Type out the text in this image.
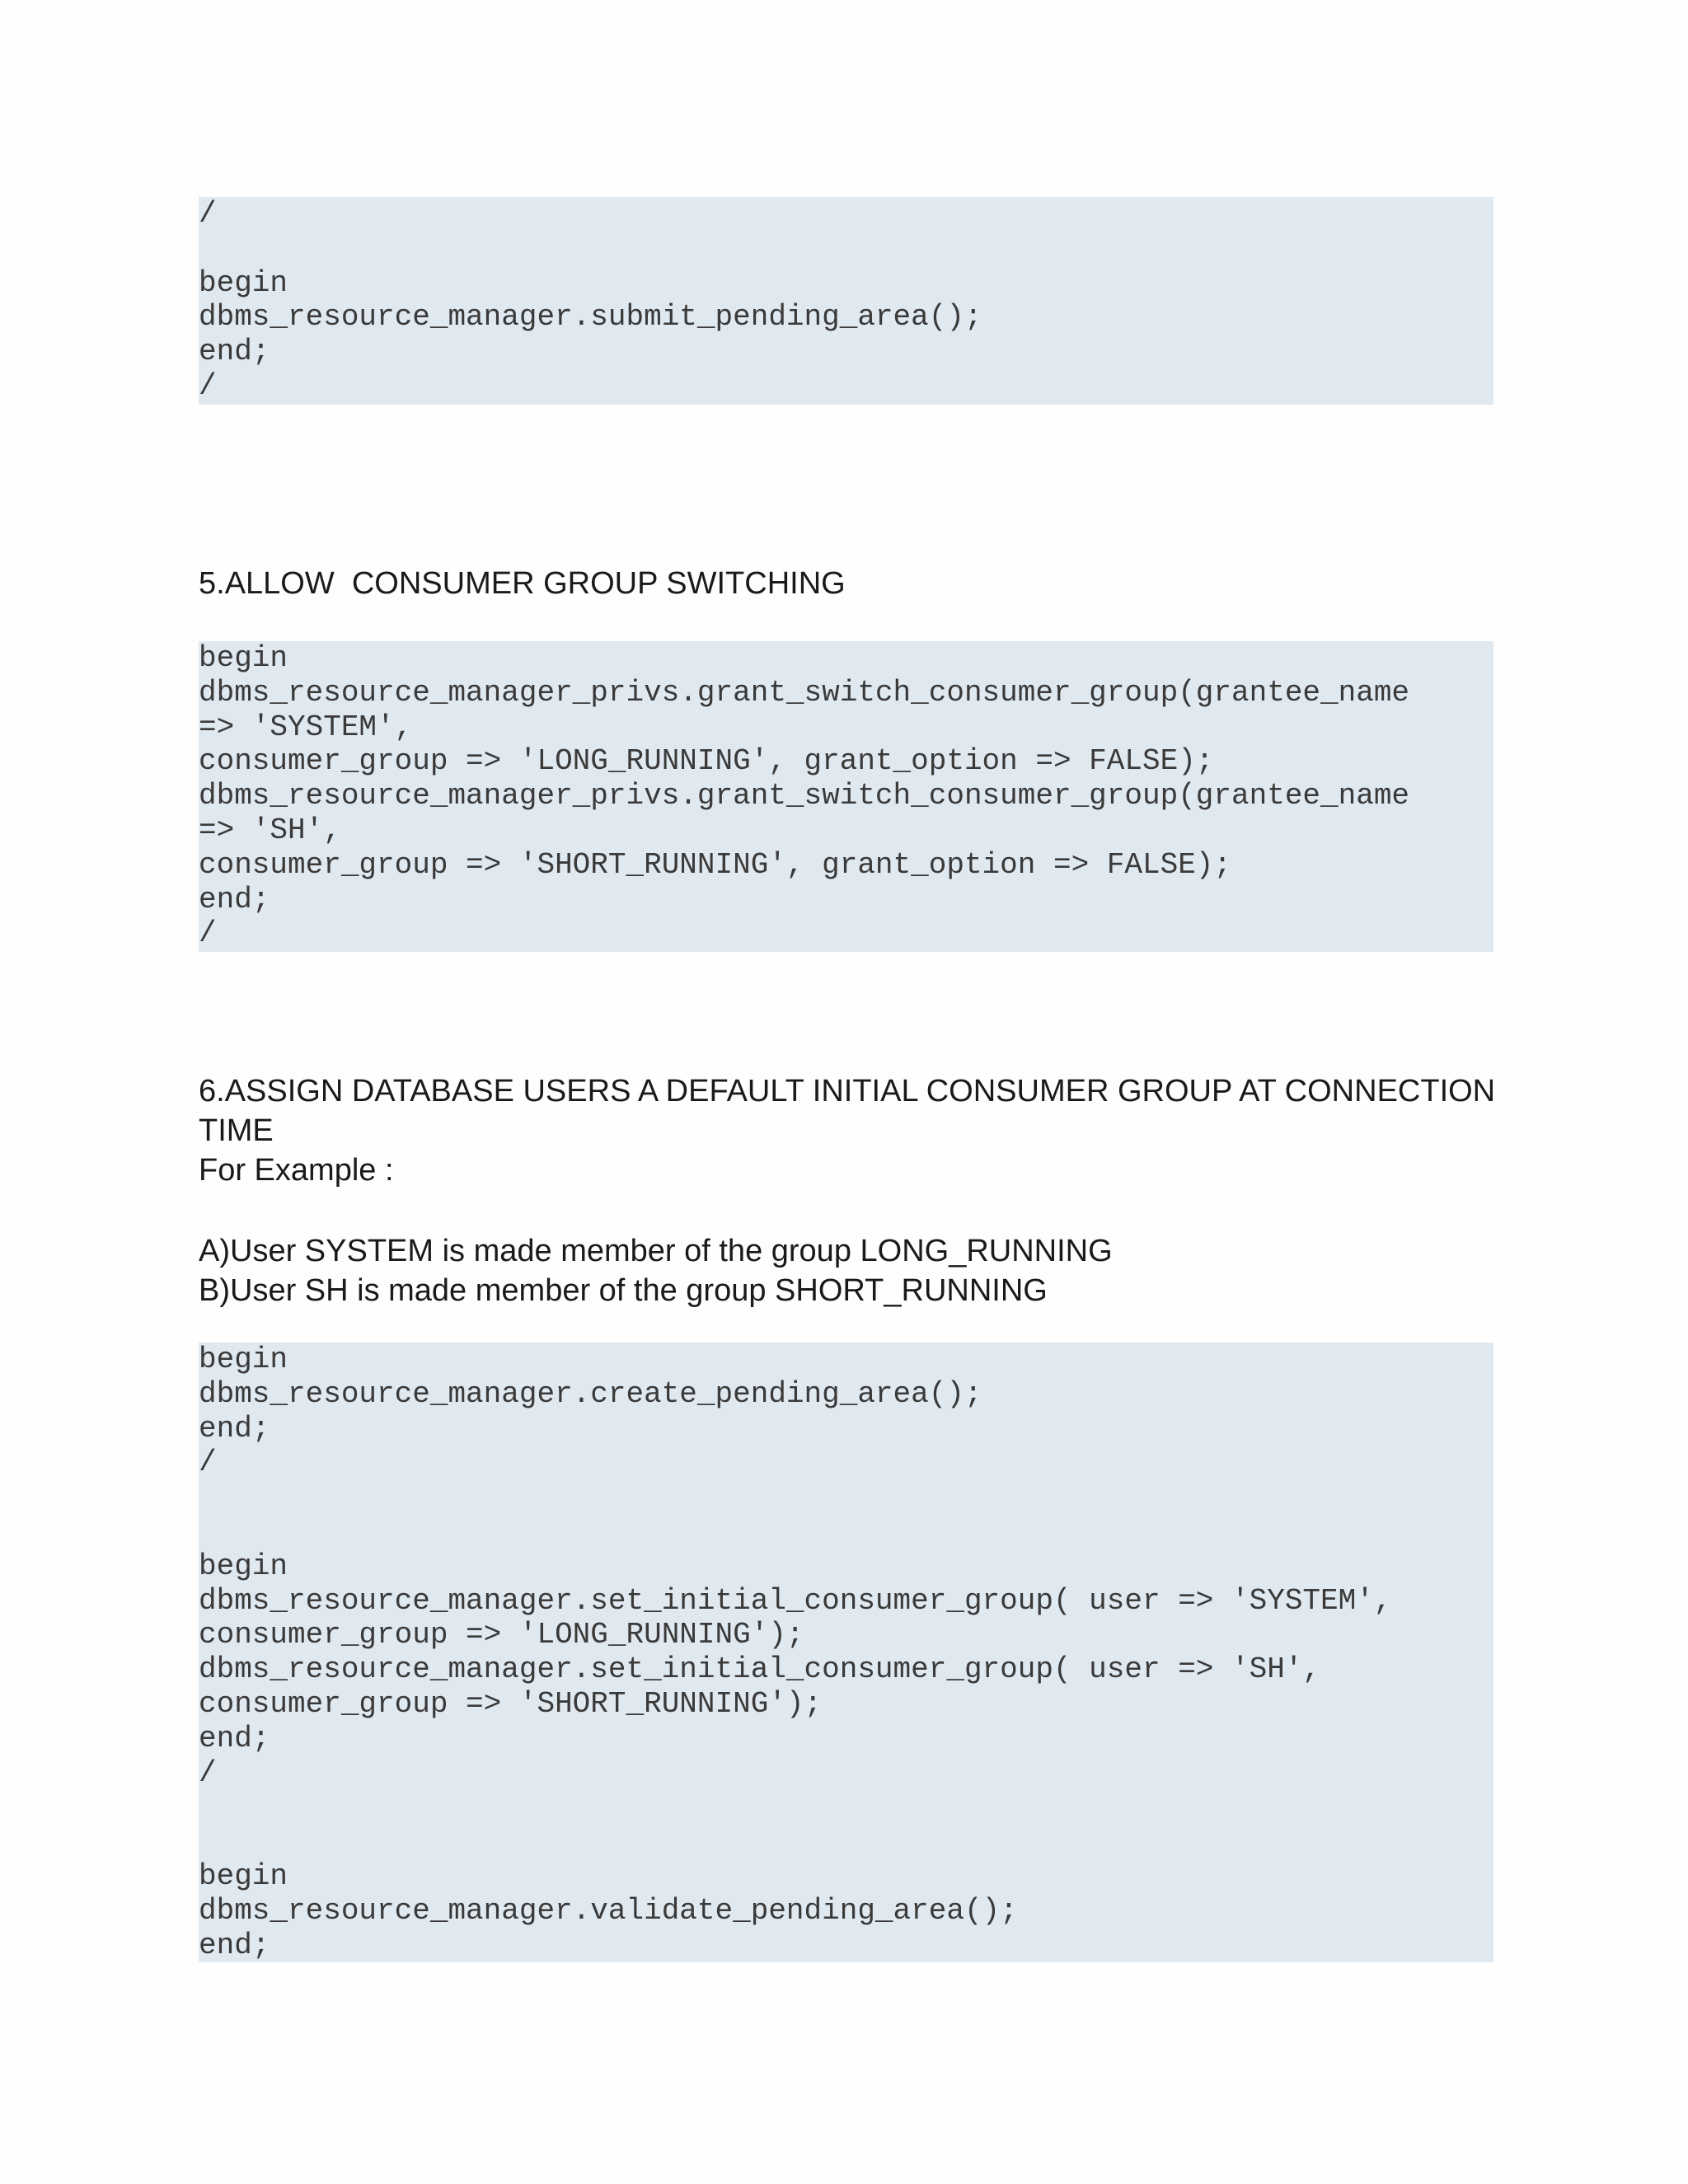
/

begin
dbms_resource_manager.submit_pending_area();
end;
/

5.ALLOW  CONSUMER GROUP SWITCHING

begin
dbms_resource_manager_privs.grant_switch_consumer_group(grantee_name
=> 'SYSTEM',
consumer_group => 'LONG_RUNNING', grant_option => FALSE);
dbms_resource_manager_privs.grant_switch_consumer_group(grantee_name
=> 'SH',
consumer_group => 'SHORT_RUNNING', grant_option => FALSE);
end;
/

6.ASSIGN DATABASE USERS A DEFAULT INITIAL CONSUMER GROUP AT CONNECTION

TIME

For Example :

A)User SYSTEM is made member of the group LONG_RUNNING

B)User SH is made member of the group SHORT_RUNNING

begin
dbms_resource_manager.create_pending_area();
end;
/

begin
dbms_resource_manager.set_initial_consumer_group( user => 'SYSTEM',
consumer_group => 'LONG_RUNNING');
dbms_resource_manager.set_initial_consumer_group( user => 'SH',
consumer_group => 'SHORT_RUNNING');
end;
/

begin
dbms_resource_manager.validate_pending_area();
end;
